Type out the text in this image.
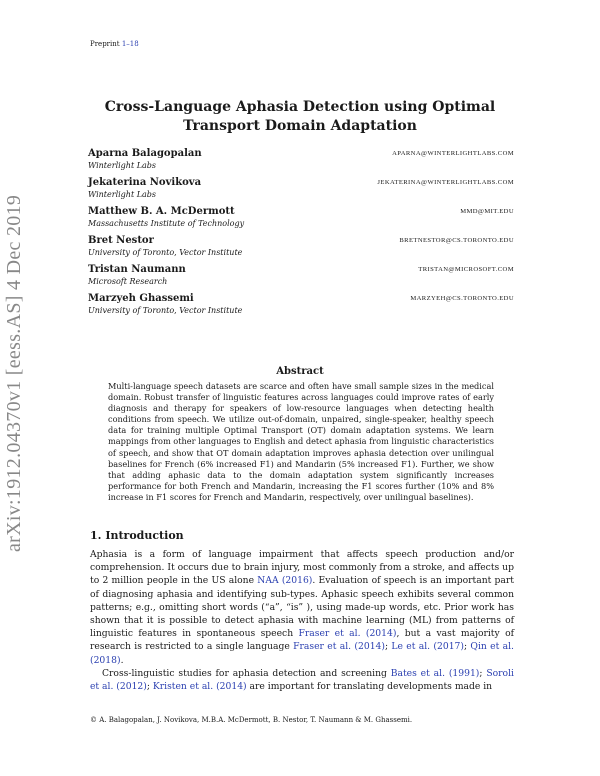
Preprint 1–18
arXiv:1912.04370v1 [eess.AS] 4 Dec 2019
Cross-Language Aphasia Detection using Optimal Transport Domain Adaptation
Aparna Balagopalan
Winterlight Labs
APARNA@WINTERLIGHTLABS.COM
Jekaterina Novikova
Winterlight Labs
JEKATERINA@WINTERLIGHTLABS.COM
Matthew B. A. McDermott
Massachusetts Institute of Technology
MMD@MIT.EDU
Bret Nestor
University of Toronto, Vector Institute
BRETNESTOR@CS.TORONTO.EDU
Tristan Naumann
Microsoft Research
TRISTAN@MICROSOFT.COM
Marzyeh Ghassemi
University of Toronto, Vector Institute
MARZYEH@CS.TORONTO.EDU
Abstract
Multi-language speech datasets are scarce and often have small sample sizes in the medical domain. Robust transfer of linguistic features across languages could improve rates of early diagnosis and therapy for speakers of low-resource languages when detecting health conditions from speech. We utilize out-of-domain, unpaired, single-speaker, healthy speech data for training multiple Optimal Transport (OT) domain adaptation systems. We learn mappings from other languages to English and detect aphasia from linguistic characteristics of speech, and show that OT domain adaptation improves aphasia detection over unilingual baselines for French (6% increased F1) and Mandarin (5% increased F1). Further, we show that adding aphasic data to the domain adaptation system significantly increases performance for both French and Mandarin, increasing the F1 scores further (10% and 8% increase in F1 scores for French and Mandarin, respectively, over unilingual baselines).
1. Introduction

Aphasia is a form of language impairment that affects speech production and/or comprehension. It occurs due to brain injury, most commonly from a stroke, and affects up to 2 million people in the US alone NAA (2016). Evaluation of speech is an important part of diagnosing aphasia and identifying sub-types. Aphasic speech exhibits several common patterns; e.g., omitting short words (“a”, “is” ), using made-up words, etc. Prior work has shown that it is possible to detect aphasia with machine learning (ML) from patterns of linguistic features in spontaneous speech Fraser et al. (2014), but a vast majority of research is restricted to a single language Fraser et al. (2014); Le et al. (2017); Qin et al. (2018).

Cross-linguistic studies for aphasia detection and screening Bates et al. (1991); Soroli et al. (2012); Kristen et al. (2014) are important for translating developments made in

© A. Balagopalan, J. Novikova, M.B.A. McDermott, B. Nestor, T. Naumann & M. Ghassemi.
